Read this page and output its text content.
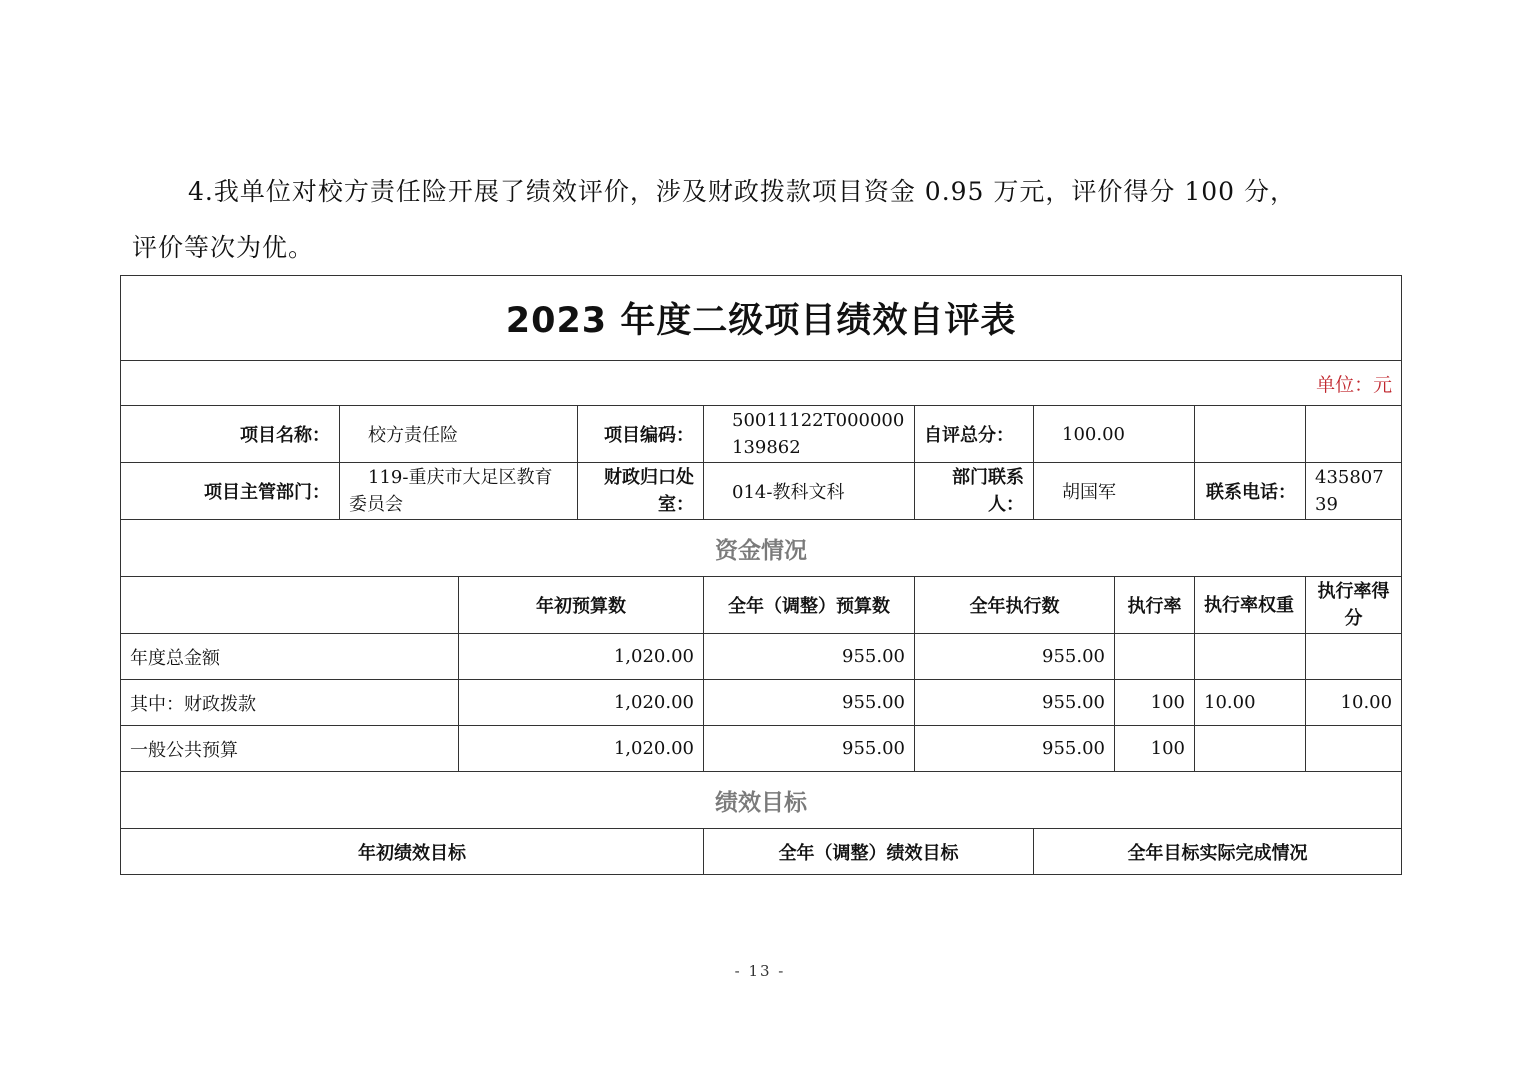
4.我单位对校方责任险开展了绩效评价，涉及财政拨款项目资金 0.95 万元，评价得分 100 分，
评价等次为优。
2023 年度二级项目绩效自评表									
单位：元									
项目名称：	校方责任险		项目编码：	50011122T000000139862	自评总分：	100.00			
项目主管部门：	119-重庆市大足区教育委员会		财政归口处室：	014-教科文科	部门联系人：	胡国军		联系电话：	43580739
资金情况									
		年初预算数		全年（调整）预算数	全年执行数		执行率	执行率权重	执行率得分
年度总金额		1,020.00		955.00	955.00				
其中：财政拨款		1,020.00		955.00	955.00		100	10.00	10.00
一般公共预算		1,020.00		955.00	955.00		100		
绩效目标									
年初绩效目标				全年（调整）绩效目标		全年目标实际完成情况			
- 13 -
